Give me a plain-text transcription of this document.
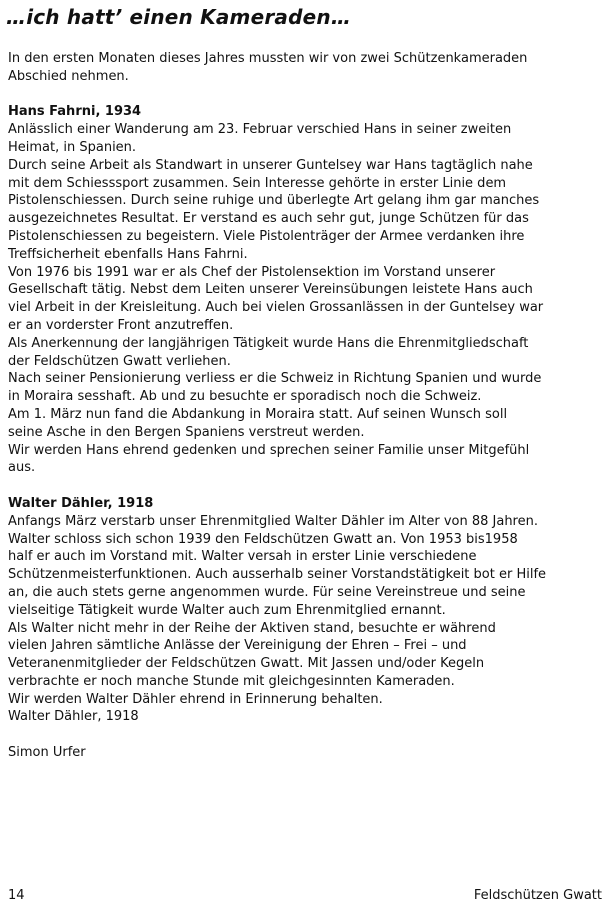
…ich hatt’ einen Kameraden…

In den ersten Monaten dieses Jahres mussten wir von zwei Schützenkameraden

Abschied nehmen.

Hans Fahrni, 1934

Anlässlich einer Wanderung am 23. Februar verschied Hans in seiner zweiten

Heimat, in Spanien.

Durch seine Arbeit als Standwart in unserer Guntelsey war Hans tagtäglich nahe

mit dem Schiesssport zusammen. Sein Interesse gehörte in erster Linie dem

Pistolenschiessen. Durch seine ruhige und überlegte Art gelang ihm gar manches

ausgezeichnetes Resultat. Er verstand es auch sehr gut, junge Schützen für das

Pistolenschiessen zu begeistern. Viele Pistolenträger der Armee verdanken ihre

Treffsicherheit ebenfalls Hans Fahrni.

Von 1976 bis 1991 war er als Chef der Pistolensektion im Vorstand unserer

Gesellschaft tätig. Nebst dem Leiten unserer Vereinsübungen leistete Hans auch

viel Arbeit in der Kreisleitung. Auch bei vielen Grossanlässen in der Guntelsey war

er an vorderster Front anzutreffen.

Als Anerkennung der langjährigen Tätigkeit wurde Hans die Ehrenmitgliedschaft

der Feldschützen Gwatt verliehen.

Nach seiner Pensionierung verliess er die Schweiz in Richtung Spanien und wurde

in Moraira sesshaft. Ab und zu besuchte er sporadisch noch die Schweiz.

Am 1. März nun fand die Abdankung in Moraira statt. Auf seinen Wunsch soll

seine Asche in den Bergen Spaniens verstreut werden.

Wir werden Hans ehrend gedenken und sprechen seiner Familie unser Mitgefühl

aus.

Walter Dähler, 1918

Anfangs März verstarb unser Ehrenmitglied Walter Dähler im Alter von 88 Jahren.

Walter schloss sich schon 1939 den Feldschützen Gwatt an. Von 1953 bis1958

half er auch im Vorstand mit. Walter versah in erster Linie verschiedene

Schützenmeisterfunktionen. Auch ausserhalb seiner Vorstandstätigkeit bot er Hilfe

an, die auch stets gerne angenommen wurde. Für seine Vereinstreue und seine

vielseitige Tätigkeit wurde Walter auch zum Ehrenmitglied ernannt.

Als Walter nicht mehr in der Reihe der Aktiven stand, besuchte er während

vielen Jahren sämtliche Anlässe der Vereinigung der Ehren – Frei – und

Veteranenmitglieder der Feldschützen Gwatt. Mit Jassen und/oder Kegeln

verbrachte er noch manche Stunde mit gleichgesinnten Kameraden.

Wir werden Walter Dähler ehrend in Erinnerung behalten.

Walter Dähler, 1918

Simon Urfer

14	Feldschützen Gwatt
